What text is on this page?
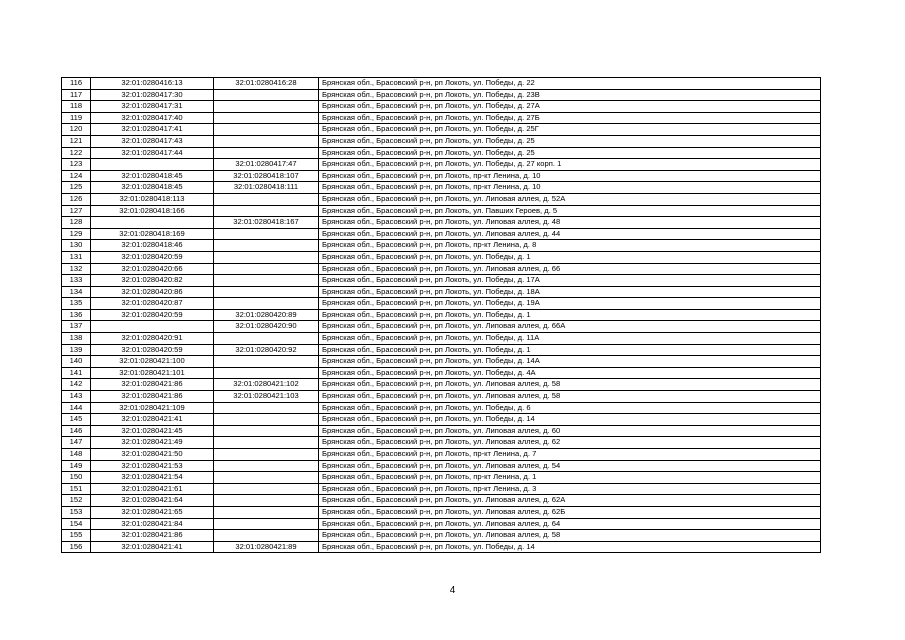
116	32:01:0280416:13	32:01:0280416:28	Брянская обл., Брасовский р-н, рп Локоть, ул. Победы, д. 22
117	32:01:0280417:30		Брянская обл., Брасовский р-н, рп Локоть, ул. Победы, д. 23В
118	32:01:0280417:31		Брянская обл., Брасовский р-н, рп Локоть, ул. Победы, д. 27А
119	32:01:0280417:40		Брянская обл., Брасовский р-н, рп Локоть, ул. Победы, д. 27Б
120	32:01:0280417:41		Брянская обл., Брасовский р-н, рп Локоть, ул. Победы, д. 25Г
121	32:01:0280417:43		Брянская обл., Брасовский р-н, рп Локоть, ул. Победы, д. 25
122	32:01:0280417:44		Брянская обл., Брасовский р-н, рп Локоть, ул. Победы, д. 25
123		32:01:0280417:47	Брянская обл., Брасовский р-н, рп Локоть, ул. Победы, д. 27 корп. 1
124	32:01:0280418:45	32:01:0280418:107	Брянская обл., Брасовский р-н, рп Локоть, пр-кт Ленина, д. 10
125	32:01:0280418:45	32:01:0280418:111	Брянская обл., Брасовский р-н, рп Локоть, пр-кт Ленина, д. 10
126	32:01:0280418:113		Брянская обл., Брасовский р-н, рп Локоть, ул. Липовая аллея, д. 52А
127	32:01:0280418:166		Брянская обл., Брасовский р-н, рп Локоть, ул. Павших Героев, д. 5
128		32:01:0280418:167	Брянская обл., Брасовский р-н, рп Локоть, ул. Липовая аллея, д. 48
129	32:01:0280418:169		Брянская обл., Брасовский р-н, рп Локоть, ул. Липовая аллея, д. 44
130	32:01:0280418:46		Брянская обл., Брасовский р-н, рп Локоть, пр-кт Ленина, д. 8
131	32:01:0280420:59		Брянская обл., Брасовский р-н, рп Локоть, ул. Победы, д. 1
132	32:01:0280420:66		Брянская обл., Брасовский р-н, рп Локоть, ул. Липовая аллея, д. 66
133	32:01:0280420:82		Брянская обл., Брасовский р-н, рп Локоть, ул. Победы, д. 17А
134	32:01:0280420:86		Брянская обл., Брасовский р-н, рп Локоть, ул. Победы, д. 18А
135	32:01:0280420:87		Брянская обл., Брасовский р-н, рп Локоть, ул. Победы, д. 19А
136	32:01:0280420:59	32:01:0280420:89	Брянская обл., Брасовский р-н, рп Локоть, ул. Победы, д. 1
137		32:01:0280420:90	Брянская обл., Брасовский р-н, рп Локоть, ул. Липовая аллея, д. 66А
138	32:01:0280420:91		Брянская обл., Брасовский р-н, рп Локоть, ул. Победы, д. 11А
139	32:01:0280420:59	32:01:0280420:92	Брянская обл., Брасовский р-н, рп Локоть, ул. Победы, д. 1
140	32:01:0280421:100		Брянская обл., Брасовский р-н, рп Локоть, ул. Победы, д. 14А
141	32:01:0280421:101		Брянская обл., Брасовский р-н, рп Локоть, ул. Победы, д. 4А
142	32:01:0280421:86	32:01:0280421:102	Брянская обл., Брасовский р-н, рп Локоть, ул. Липовая аллея, д. 58
143	32:01:0280421:86	32:01:0280421:103	Брянская обл., Брасовский р-н, рп Локоть, ул. Липовая аллея, д. 58
144	32:01:0280421:109		Брянская обл., Брасовский р-н, рп Локоть, ул. Победы, д. 6
145	32:01:0280421:41		Брянская обл., Брасовский р-н, рп Локоть, ул. Победы, д. 14
146	32:01:0280421:45		Брянская обл., Брасовский р-н, рп Локоть, ул. Липовая аллея, д. 60
147	32:01:0280421:49		Брянская обл., Брасовский р-н, рп Локоть, ул. Липовая аллея, д. 62
148	32:01:0280421:50		Брянская обл., Брасовский р-н, рп Локоть, пр-кт Ленина, д. 7
149	32:01:0280421:53		Брянская обл., Брасовский р-н, рп Локоть, ул. Липовая аллея, д. 54
150	32:01:0280421:54		Брянская обл., Брасовский р-н, рп Локоть, пр-кт Ленина, д. 1
151	32:01:0280421:61		Брянская обл., Брасовский р-н, рп Локоть, пр-кт Ленина, д. 3
152	32:01:0280421:64		Брянская обл., Брасовский р-н, рп Локоть, ул. Липовая аллея, д. 62А
153	32:01:0280421:65		Брянская обл., Брасовский р-н, рп Локоть, ул. Липовая аллея, д. 62Б
154	32:01:0280421:84		Брянская обл., Брасовский р-н, рп Локоть, ул. Липовая аллея, д. 64
155	32:01:0280421:86		Брянская обл., Брасовский р-н, рп Локоть, ул. Липовая аллея, д. 58
156	32:01:0280421:41	32:01:0280421:89	Брянская обл., Брасовский р-н, рп Локоть, ул. Победы, д. 14
4
